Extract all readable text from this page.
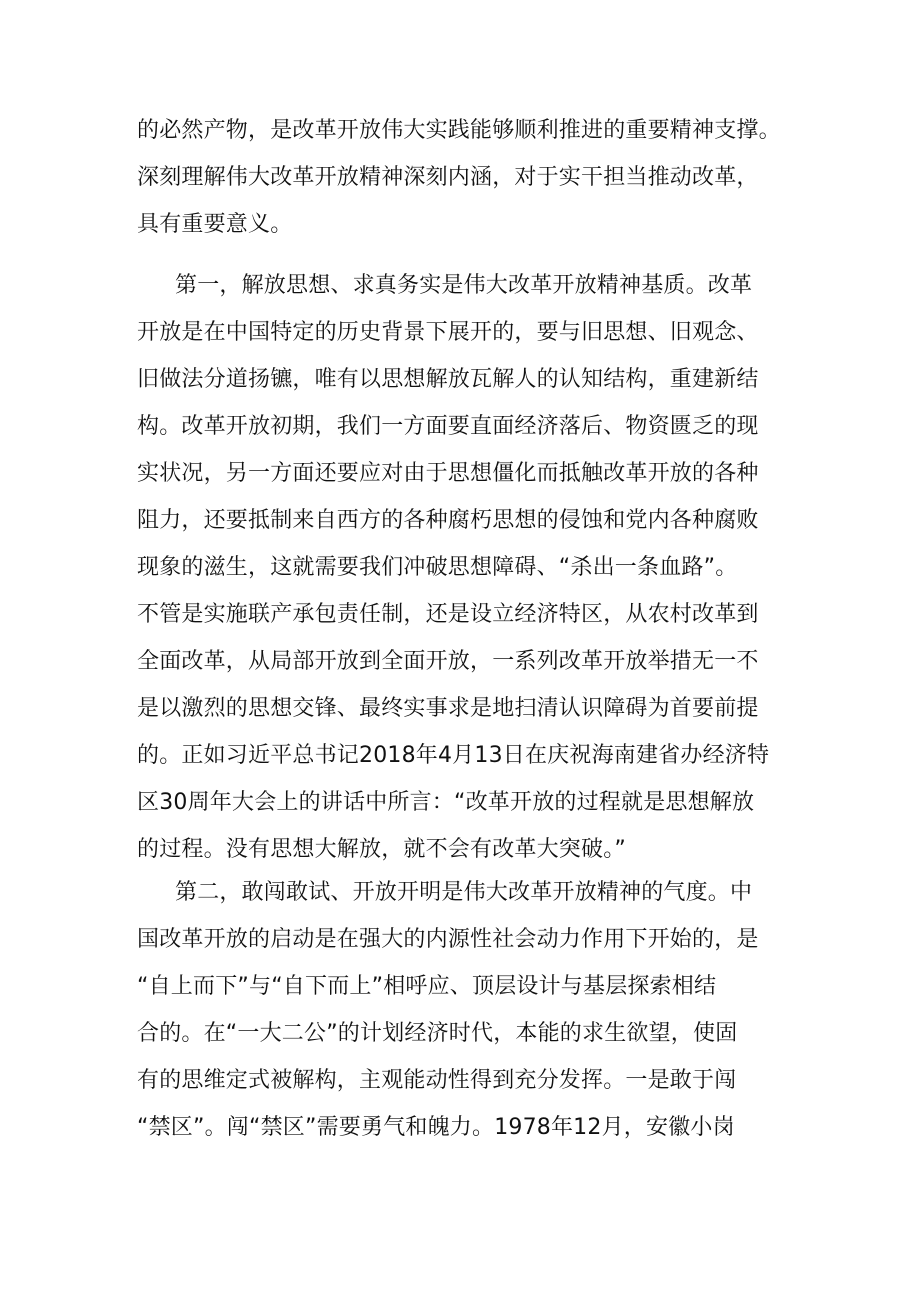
的必然产物，是改革开放伟大实践能够顺利推进的重要精神支撑。
深刻理解伟大改革开放精神深刻内涵，对于实干担当推动改革，
具有重要意义。
第一，解放思想、求真务实是伟大改革开放精神基质。改革
开放是在中国特定的历史背景下展开的，要与旧思想、旧观念、
旧做法分道扬镳，唯有以思想解放瓦解人的认知结构，重建新结
构。改革开放初期，我们一方面要直面经济落后、物资匮乏的现
实状况，另一方面还要应对由于思想僵化而抵触改革开放的各种
阻力，还要抵制来自西方的各种腐朽思想的侵蚀和党内各种腐败
现象的滋生，这就需要我们冲破思想障碍、“杀出一条血路”。
不管是实施联产承包责任制，还是设立经济特区，从农村改革到
全面改革，从局部开放到全面开放，一系列改革开放举措无一不
是以激烈的思想交锋、最终实事求是地扫清认识障碍为首要前提
的。正如习近平总书记2018年4月13日在庆祝海南建省办经济特
区30周年大会上的讲话中所言：“改革开放的过程就是思想解放
的过程。没有思想大解放，就不会有改革大突破。”
第二，敢闯敢试、开放开明是伟大改革开放精神的气度。中
国改革开放的启动是在强大的内源性社会动力作用下开始的，是
“自上而下”与“自下而上”相呼应、顶层设计与基层探索相结
合的。在“一大二公”的计划经济时代，本能的求生欲望，使固
有的思维定式被解构，主观能动性得到充分发挥。一是敢于闯
“禁区”。闯“禁区”需要勇气和魄力。1978年12月，安徽小岗
